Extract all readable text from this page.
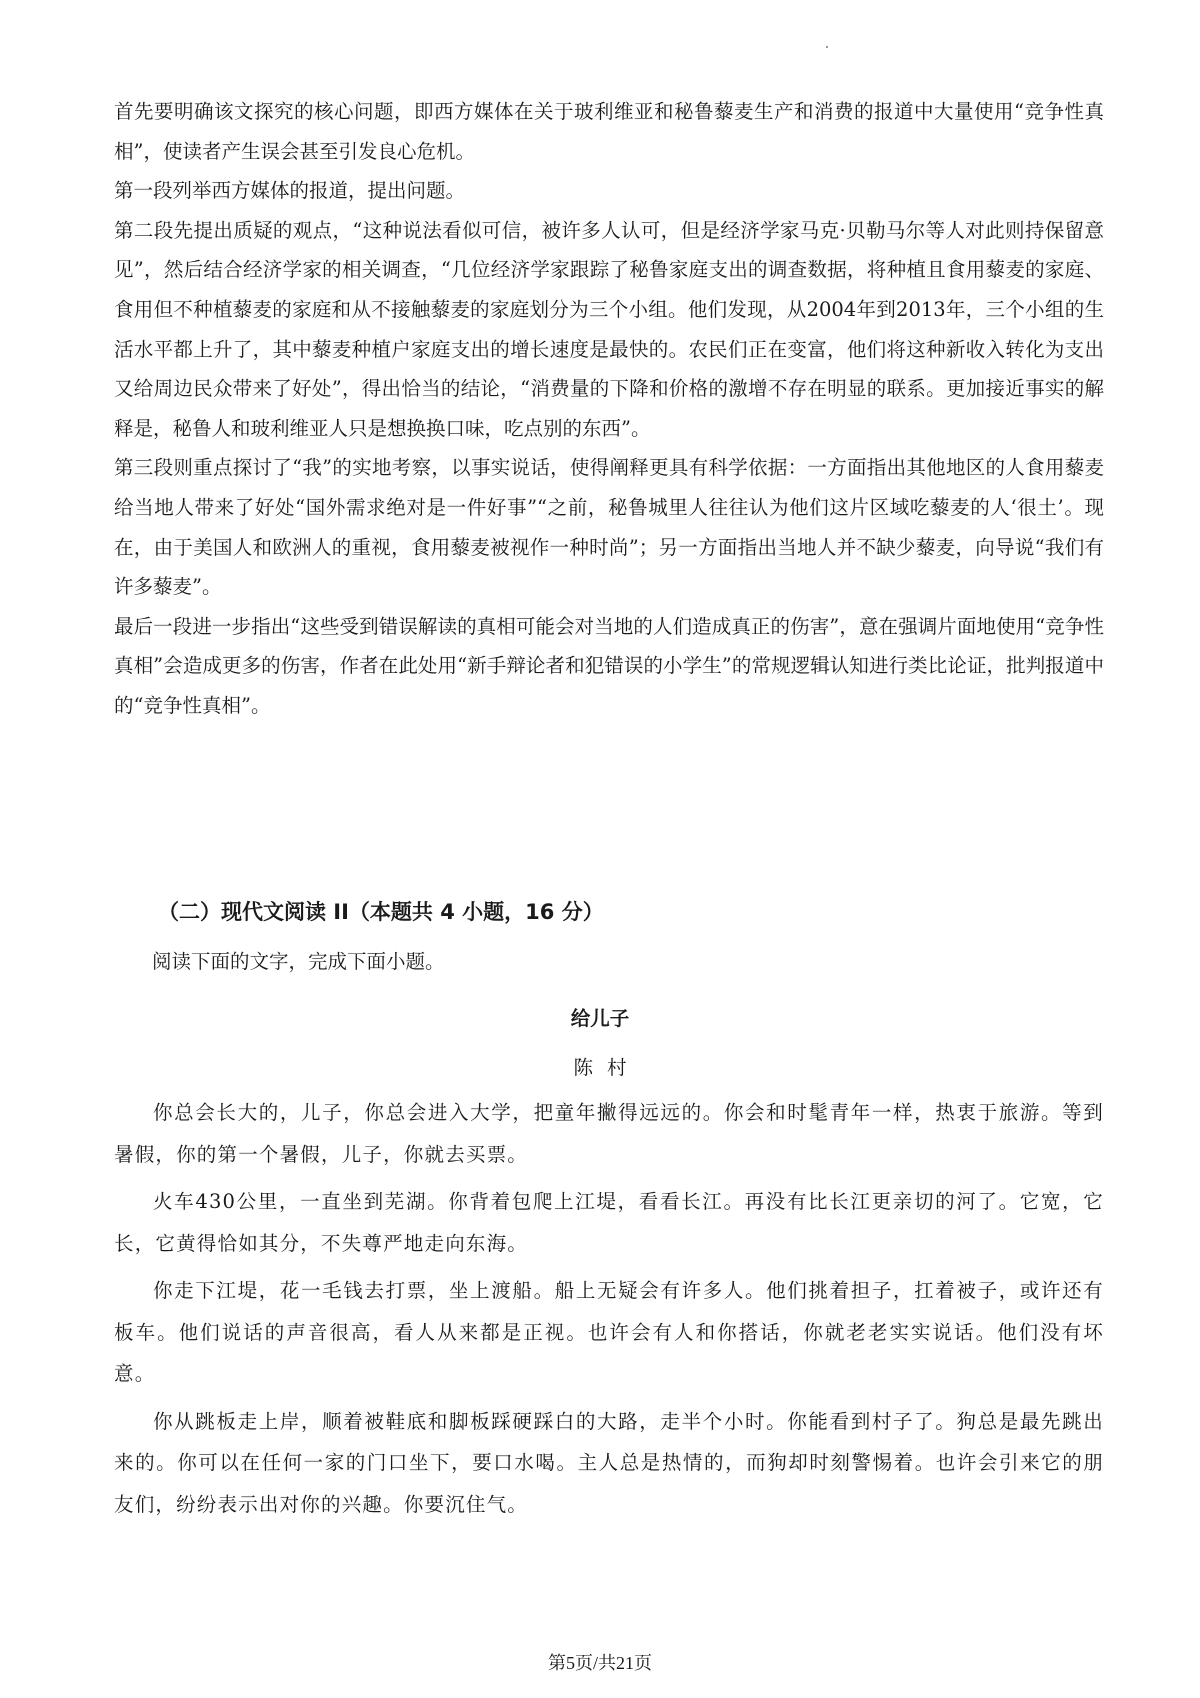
首先要明确该文探究的核心问题，即西方媒体在关于玻利维亚和秘鲁藜麦生产和消费的报道中大量使用“竞争性真相”，使读者产生误会甚至引发良心危机。

第一段列举西方媒体的报道，提出问题。

第二段先提出质疑的观点，“这种说法看似可信，被许多人认可，但是经济学家马克·贝勒马尔等人对此则持保留意见”，然后结合经济学家的相关调查，“几位经济学家跟踪了秘鲁家庭支出的调查数据，将种植且食用藜麦的家庭、食用但不种植藜麦的家庭和从不接触藜麦的家庭划分为三个小组。他们发现，从2004年到2013年，三个小组的生活水平都上升了，其中藜麦种植户家庭支出的增长速度是最快的。农民们正在变富，他们将这种新收入转化为支出又给周边民众带来了好处”，得出恰当的结论，“消费量的下降和价格的激增不存在明显的联系。更加接近事实的解释是，秘鲁人和玻利维亚人只是想换换口味，吃点别的东西”。

第三段则重点探讨了“我”的实地考察，以事实说话，使得阐释更具有科学依据：一方面指出其他地区的人食用藜麦给当地人带来了好处“国外需求绝对是一件好事”“之前，秘鲁城里人往往认为他们这片区域吃藜麦的人‘很土’。现在，由于美国人和欧洲人的重视，食用藜麦被视作一种时尚”；另一方面指出当地人并不缺少藜麦，向导说“我们有许多藜麦”。

最后一段进一步指出“这些受到错误解读的真相可能会对当地的人们造成真正的伤害”，意在强调片面地使用“竞争性真相”会造成更多的伤害，作者在此处用“新手辩论者和犯错误的小学生”的常规逻辑认知进行类比论证，批判报道中的“竞争性真相”。

（二）现代文阅读 II（本题共 4 小题，16 分）

阅读下面的文字，完成下面小题。

给儿子

陈村

你总会长大的，儿子，你总会进入大学，把童年撇得远远的。你会和时髦青年一样，热衷于旅游。等到暑假，你的第一个暑假，儿子，你就去买票。

火车430公里，一直坐到芜湖。你背着包爬上江堤，看看长江。再没有比长江更亲切的河了。它宽，它长，它黄得恰如其分，不失尊严地走向东海。

你走下江堤，花一毛钱去打票，坐上渡船。船上无疑会有许多人。他们挑着担子，扛着被子，或许还有板车。他们说话的声音很高，看人从来都是正视。也许会有人和你搭话，你就老老实实说话。他们没有坏意。

你从跳板走上岸，顺着被鞋底和脚板踩硬踩白的大路，走半个小时。你能看到村子了。狗总是最先跳出来的。你可以在任何一家的门口坐下，要口水喝。主人总是热情的，而狗却时刻警惕着。也许会引来它的朋友们，纷纷表示出对你的兴趣。你要沉住气。

第5页/共21页
